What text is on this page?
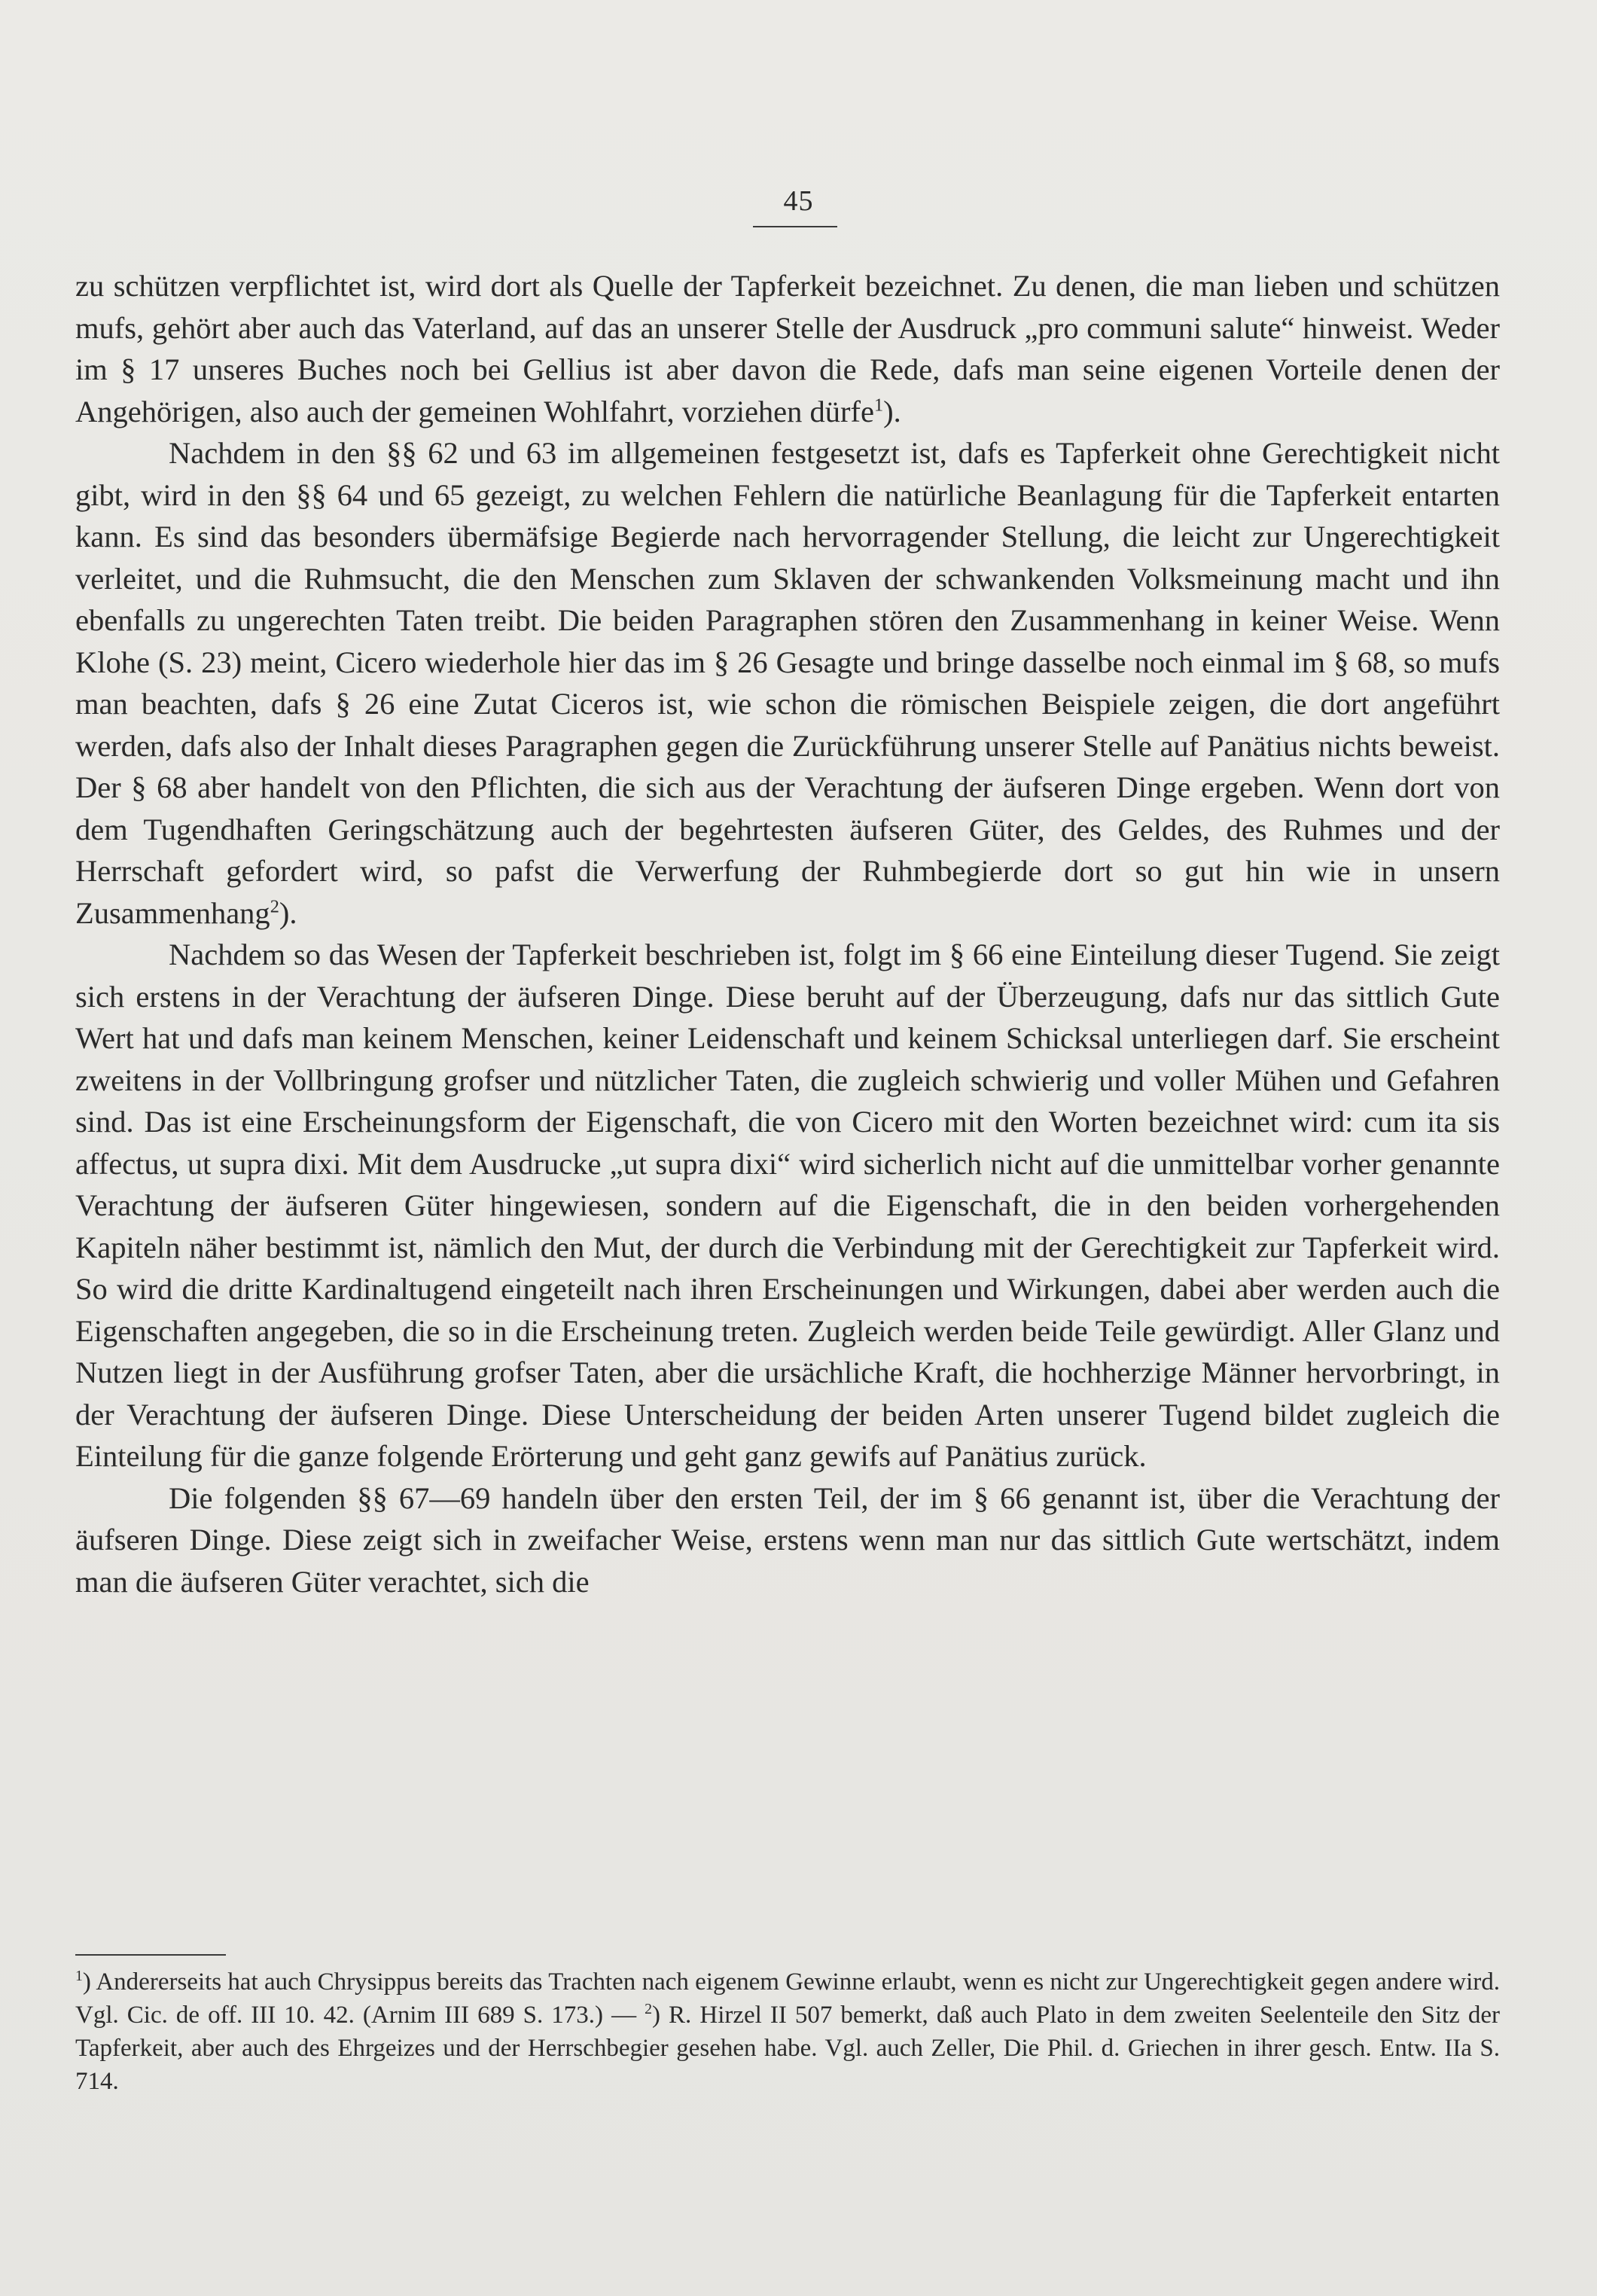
45

zu schützen verpflichtet ist, wird dort als Quelle der Tapferkeit bezeichnet. Zu denen, die man lieben und schützen mufs, gehört aber auch das Vaterland, auf das an unserer Stelle der Ausdruck „pro communi salute“ hinweist. Weder im § 17 unseres Buches noch bei Gellius ist aber davon die Rede, dafs man seine eigenen Vorteile denen der Angehörigen, also auch der gemeinen Wohlfahrt, vorziehen dürfe$^1$).

Nachdem in den §§ 62 und 63 im allgemeinen festgesetzt ist, dafs es Tapferkeit ohne Gerechtigkeit nicht gibt, wird in den §§ 64 und 65 gezeigt, zu welchen Fehlern die natürliche Beanlagung für die Tapferkeit entarten kann. Es sind das besonders übermäfsige Begierde nach hervorragender Stellung, die leicht zur Ungerechtigkeit verleitet, und die Ruhmsucht, die den Menschen zum Sklaven der schwankenden Volksmeinung macht und ihn ebenfalls zu ungerechten Taten treibt. Die beiden Paragraphen stören den Zusammenhang in keiner Weise. Wenn Klohe (S. 23) meint, Cicero wiederhole hier das im § 26 Gesagte und bringe dasselbe noch einmal im § 68, so mufs man beachten, dafs § 26 eine Zutat Ciceros ist, wie schon die römischen Beispiele zeigen, die dort angeführt werden, dafs also der Inhalt dieses Paragraphen gegen die Zurückführung unserer Stelle auf Panätius nichts beweist. Der § 68 aber handelt von den Pflichten, die sich aus der Verachtung der äufseren Dinge ergeben. Wenn dort von dem Tugendhaften Geringschätzung auch der begehrtesten äufseren Güter, des Geldes, des Ruhmes und der Herrschaft gefordert wird, so pafst die Verwerfung der Ruhmbegierde dort so gut hin wie in unsern Zusammenhang$^2$).

Nachdem so das Wesen der Tapferkeit beschrieben ist, folgt im § 66 eine Einteilung dieser Tugend. Sie zeigt sich erstens in der Verachtung der äufseren Dinge. Diese beruht auf der Überzeugung, dafs nur das sittlich Gute Wert hat und dafs man keinem Menschen, keiner Leidenschaft und keinem Schicksal unterliegen darf. Sie erscheint zweitens in der Vollbringung grofser und nützlicher Taten, die zugleich schwierig und voller Mühen und Gefahren sind. Das ist eine Erscheinungsform der Eigenschaft, die von Cicero mit den Worten bezeichnet wird: cum ita sis affectus, ut supra dixi. Mit dem Ausdrucke „ut supra dixi“ wird sicherlich nicht auf die unmittelbar vorher genannte Verachtung der äufseren Güter hingewiesen, sondern auf die Eigenschaft, die in den beiden vorhergehenden Kapiteln näher bestimmt ist, nämlich den Mut, der durch die Verbindung mit der Gerechtigkeit zur Tapferkeit wird. So wird die dritte Kardinaltugend eingeteilt nach ihren Erscheinungen und Wirkungen, dabei aber werden auch die Eigenschaften angegeben, die so in die Erscheinung treten. Zugleich werden beide Teile gewürdigt. Aller Glanz und Nutzen liegt in der Ausführung grofser Taten, aber die ursächliche Kraft, die hochherzige Männer hervorbringt, in der Verachtung der äufseren Dinge. Diese Unterscheidung der beiden Arten unserer Tugend bildet zugleich die Einteilung für die ganze folgende Erörterung und geht ganz gewifs auf Panätius zurück.

Die folgenden §§ 67—69 handeln über den ersten Teil, der im § 66 genannt ist, über die Verachtung der äufseren Dinge. Diese zeigt sich in zweifacher Weise, erstens wenn man nur das sittlich Gute wertschätzt, indem man die äufseren Güter verachtet, sich die

$^1$) Andererseits hat auch Chrysippus bereits das Trachten nach eigenem Gewinne erlaubt, wenn es nicht zur Ungerechtigkeit gegen andere wird. Vgl. Cic. de off. III 10. 42. (Arnim III 689 S. 173.) — $^2$) R. Hirzel II 507 bemerkt, daß auch Plato in dem zweiten Seelenteile den Sitz der Tapferkeit, aber auch des Ehrgeizes und der Herrschbegier gesehen habe. Vgl. auch Zeller, Die Phil. d. Griechen in ihrer gesch. Entw. IIa S. 714.
